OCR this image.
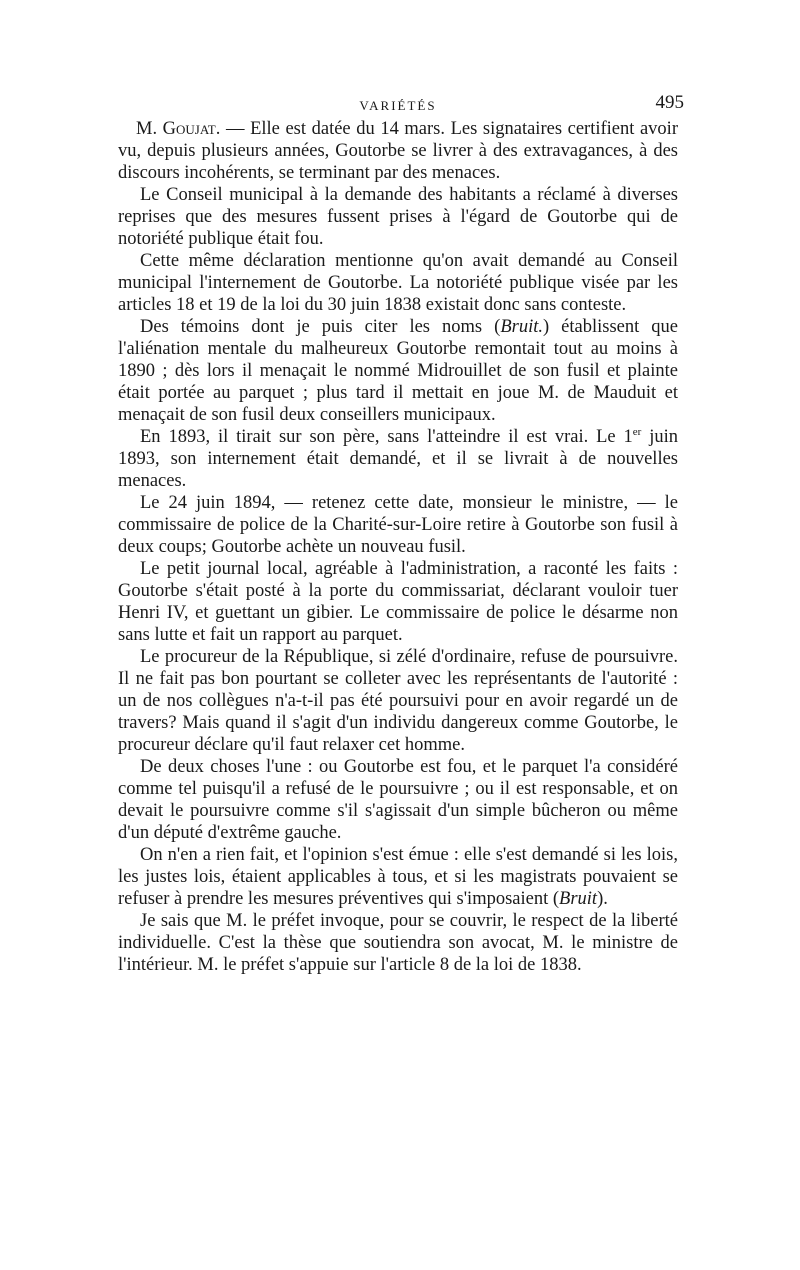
VARIÉTÉS	495

M. Goujat. — Elle est datée du 14 mars. Les signataires certifient avoir vu, depuis plusieurs années, Goutorbe se livrer à des extravagances, à des discours incohérents, se terminant par des menaces.

Le Conseil municipal à la demande des habitants a réclamé à diverses reprises que des mesures fussent prises à l'égard de Goutorbe qui de notoriété publique était fou.

Cette même déclaration mentionne qu'on avait demandé au Conseil municipal l'internement de Goutorbe. La notoriété publique visée par les articles 18 et 19 de la loi du 30 juin 1838 existait donc sans conteste.

Des témoins dont je puis citer les noms (Bruit.) établissent que l'aliénation mentale du malheureux Goutorbe remontait tout au moins à 1890 ; dès lors il menaçait le nommé Midrouillet de son fusil et plainte était portée au parquet ; plus tard il mettait en joue M. de Mauduit et menaçait de son fusil deux conseillers municipaux.

En 1893, il tirait sur son père, sans l'atteindre il est vrai. Le 1er juin 1893, son internement était demandé, et il se livrait à de nouvelles menaces.

Le 24 juin 1894, — retenez cette date, monsieur le ministre, — le commissaire de police de la Charité-sur-Loire retire à Goutorbe son fusil à deux coups; Goutorbe achète un nouveau fusil.

Le petit journal local, agréable à l'administration, a raconté les faits : Goutorbe s'était posté à la porte du commissariat, déclarant vouloir tuer Henri IV, et guettant un gibier. Le commissaire de police le désarme non sans lutte et fait un rapport au parquet.

Le procureur de la République, si zélé d'ordinaire, refuse de poursuivre. Il ne fait pas bon pourtant se colleter avec les représentants de l'autorité : un de nos collègues n'a-t-il pas été poursuivi pour en avoir regardé un de travers? Mais quand il s'agit d'un individu dangereux comme Goutorbe, le procureur déclare qu'il faut relaxer cet homme.

De deux choses l'une : ou Goutorbe est fou, et le parquet l'a considéré comme tel puisqu'il a refusé de le poursuivre ; ou il est responsable, et on devait le poursuivre comme s'il s'agissait d'un simple bûcheron ou même d'un député d'extrême gauche.

On n'en a rien fait, et l'opinion s'est émue : elle s'est demandé si les lois, les justes lois, étaient applicables à tous, et si les magistrats pouvaient se refuser à prendre les mesures préventives qui s'imposaient (Bruit).

Je sais que M. le préfet invoque, pour se couvrir, le respect de la liberté individuelle. C'est la thèse que soutiendra son avocat, M. le ministre de l'intérieur. M. le préfet s'appuie sur l'article 8 de la loi de 1838.
